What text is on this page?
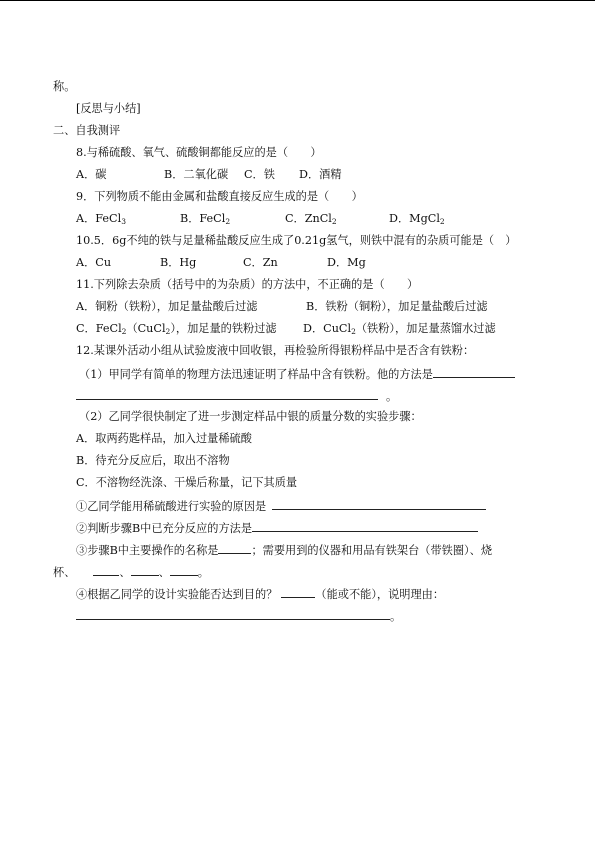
称。
[反思与小结]
二、自我测评
8.与稀硫酸、氧气、硫酸铜都能反应的是（　　）
A．碳	B．二氧化碳 C．铁 D．酒精
9．下列物质不能由金属和盐酸直接反应生成的是（　　）
A．FeCl$_3$	B．FeCl$_2$	C．ZnCl$_2$	D．MgCl$_2$
10.5．6g不纯的铁与足量稀盐酸反应生成了0.21g氢气，则铁中混有的杂质可能是（　）
A．Cu	B．Hg	C．Zn	D．Mg
11.下列除去杂质（括号中的为杂质）的方法中，不正确的是（　　）
A．铜粉（铁粉），加足量盐酸后过滤	B．铁粉（铜粉），加足量盐酸后过滤
C．FeCl$_2$（CuCl$_2$），加足量的铁粉过滤 D．CuCl$_2$（铁粉），加足量蒸馏水过滤
12.某课外活动小组从试验废液中回收银，再检验所得银粉样品中是否含有铁粉：
（1）甲同学有简单的物理方法迅速证明了样品中含有铁粉。他的方法是
。
（2）乙同学很快制定了进一步测定样品中银的质量分数的实验步骤：
A．取两药匙样品，加入过量稀硫酸
B．待充分反应后，取出不溶物
C．不溶物经洗涤、干燥后称量，记下其质量
①乙同学能用稀硫酸进行实验的原因是
②判断步骤B中已充分反应的方法是
③步骤B中主要操作的名称是	；需要用到的仪器和用品有铁架台（带铁圈）、烧
杯、	、	、	。
④根据乙同学的设计实验能否达到目的？	（能或不能），说明理由：
。
